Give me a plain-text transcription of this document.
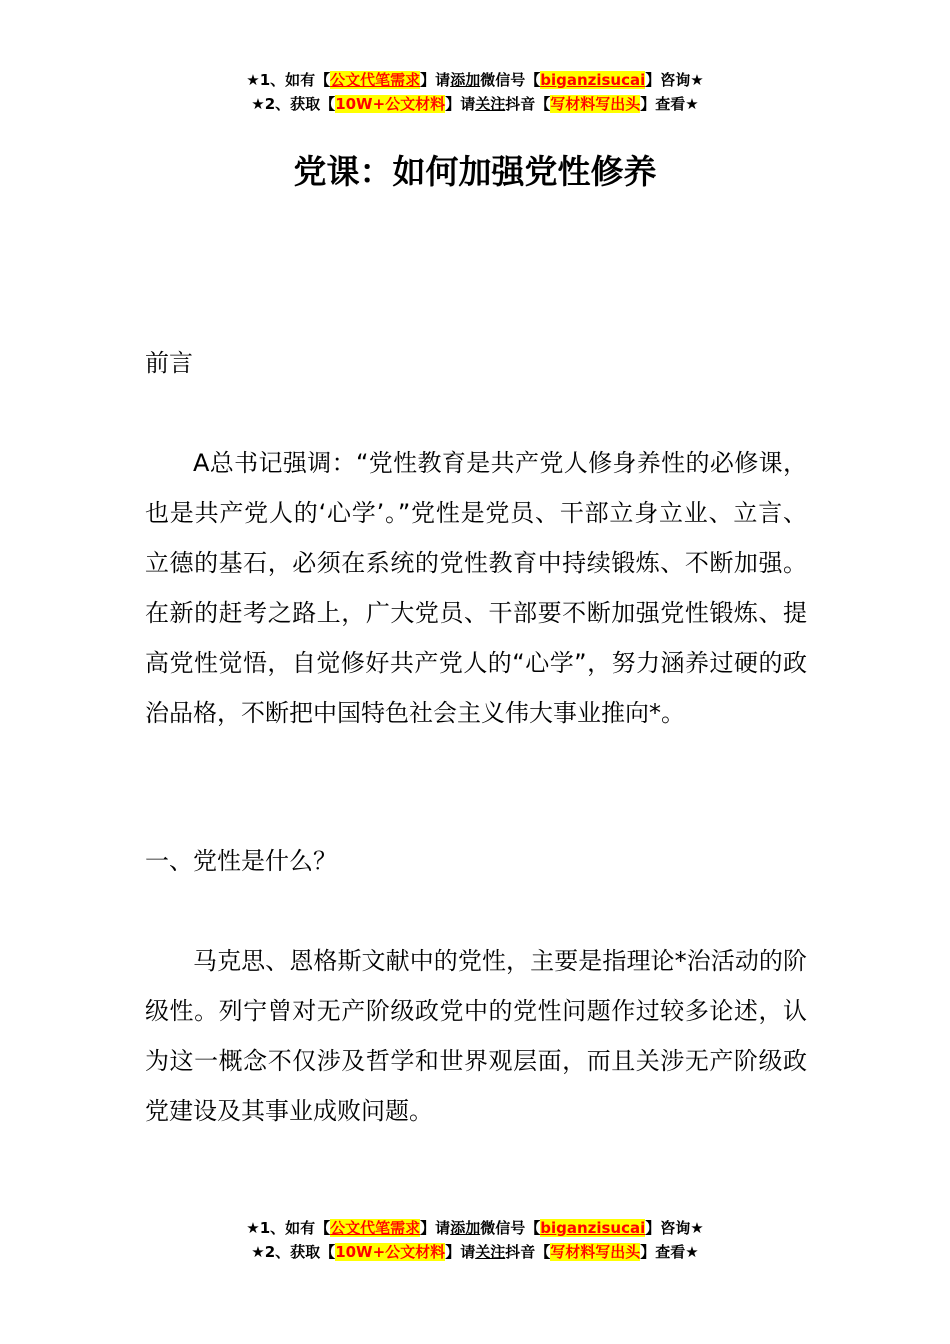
★1、如有【公文代笔需求】请添加微信号【biganzisucai】咨询★
★2、获取【10W+公文材料】请关注抖音【写材料写出头】查看★
党课：如何加强党性修养
前言

A总书记强调：“党性教育是共产党人修身养性的必修课，也是共产党人的‘心学’。”党性是党员、干部立身立业、立言、立德的基石，必须在系统的党性教育中持续锻炼、不断加强。在新的赶考之路上，广大党员、干部要不断加强党性锻炼、提高党性觉悟，自觉修好共产党人的“心学”，努力涵养过硬的政治品格，不断把中国特色社会主义伟大事业推向*。

一、党性是什么？

马克思、恩格斯文献中的党性，主要是指理论*治活动的阶级性。列宁曾对无产阶级政党中的党性问题作过较多论述，认为这一概念不仅涉及哲学和世界观层面，而且关涉无产阶级政党建设及其事业成败问题。

★1、如有【公文代笔需求】请添加微信号【biganzisucai】咨询★
★2、获取【10W+公文材料】请关注抖音【写材料写出头】查看★
